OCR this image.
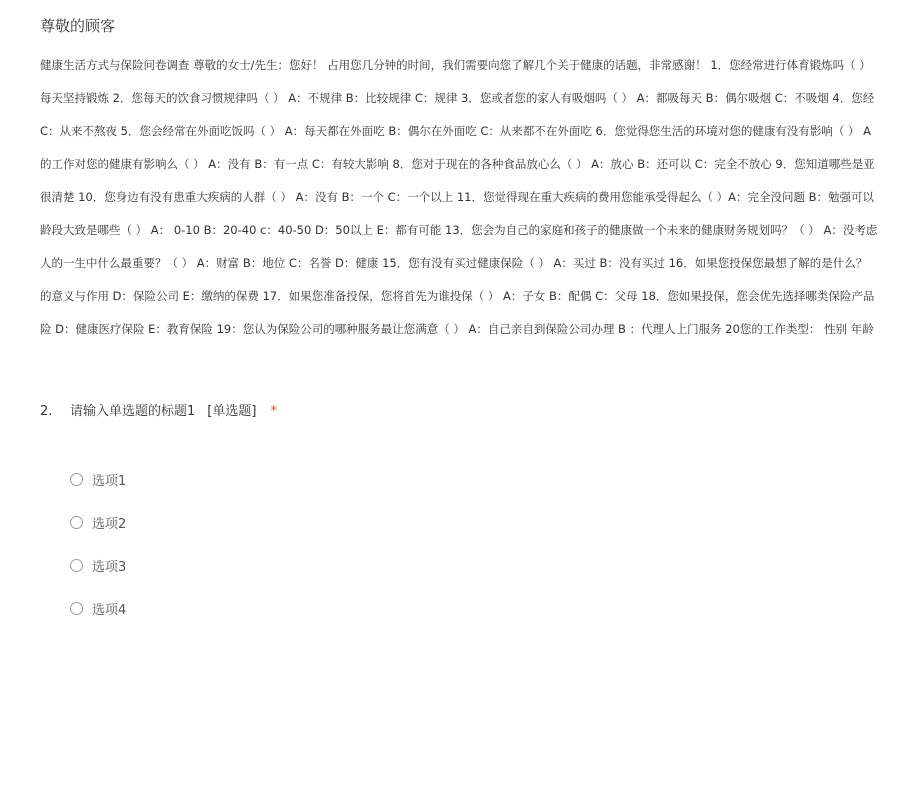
尊敬的顾客
健康生活方式与保险问卷调查 尊敬的女士/先生：您好！ 占用您几分钟的时间，我们需要向您了解几个关于健康的话题，非常感谢！ 1．您经常进行体育锻炼吗（ ）
每天坚持锻炼 2．您每天的饮食习惯规律吗（ ） A：不规律 B：比较规律 C：规律 3．您或者您的家人有吸烟吗（ ） A：都吸每天 B：偶尔吸烟 C：不吸烟 4．您经
C：从来不熬夜 5．您会经常在外面吃饭吗（ ） A：每天都在外面吃 B：偶尔在外面吃 C：从来都不在外面吃 6．您觉得您生活的环境对您的健康有没有影响（ ） A
的工作对您的健康有影响么（ ） A：没有 B：有一点 C：有较大影响 8．您对于现在的各种食品放心么（ ） A：放心 B：还可以 C：完全不放心 9．您知道哪些是亚
很清楚 10．您身边有没有患重大疾病的人群（ ） A：没有 B：一个 C：一个以上 11．您觉得现在重大疾病的费用您能承受得起么（ ）A：完全没问题 B：勉强可以
龄段大致是哪些（ ） A： 0-10 B：20-40 c：40-50 D：50以上 E：都有可能 13．您会为自己的家庭和孩子的健康做一个未来的健康财务规划吗？（ ） A：没考虑
人的一生中什么最重要？（ ） A：财富 B：地位 C：名誉 D：健康 15．您有没有买过健康保险（ ） A：买过 B：没有买过 16．如果您投保您最想了解的是什么？
的意义与作用 D：保险公司 E：缴纳的保费 17．如果您准备投保，您将首先为谁投保（ ） A：子女 B：配偶 C：父母 18．您如果投保，您会优先选择哪类保险产品
险 D：健康医疗保险 E：教育保险 19：您认为保险公司的哪种服务最让您满意（ ） A：自己亲自到保险公司办理 B ：代理人上门服务 20您的工作类型： 性别 年龄
2. 请输入单选题的标题1 [单选题] *
选项1
选项2
选项3
选项4
